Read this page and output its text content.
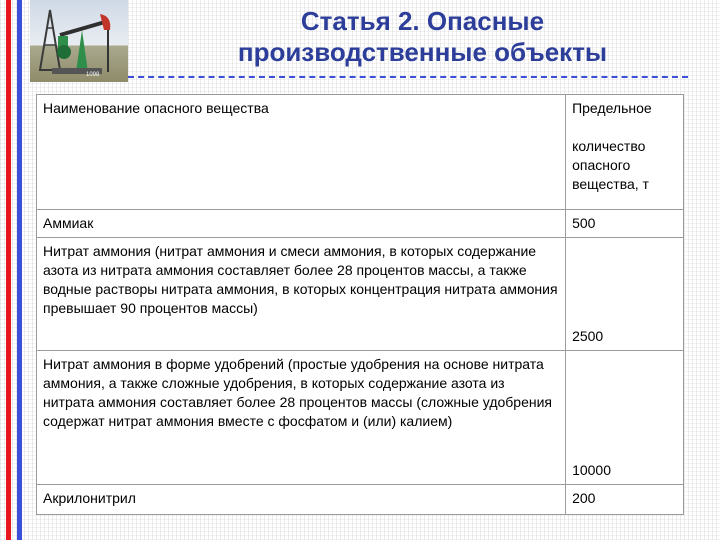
1098
Статья 2. Опасные
производственные объекты
Наименование опасного вещества	Предельное
количество опасного вещества, т
Аммиак	500
Нитрат аммония (нитрат аммония и смеси аммония, в которых содержание азота из нитрата аммония составляет более 28 процентов массы, а также водные растворы нитрата аммония, в которых концентрация нитрата аммония превышает 90 процентов массы)	2500
Нитрат аммония в форме удобрений (простые удобрения на основе нитрата аммония, а также сложные удобрения, в которых содержание азота из нитрата аммония составляет более 28 процентов массы (сложные удобрения содержат нитрат аммония вместе с фосфатом и (или) калием)	10000
Акрилонитрил	200
